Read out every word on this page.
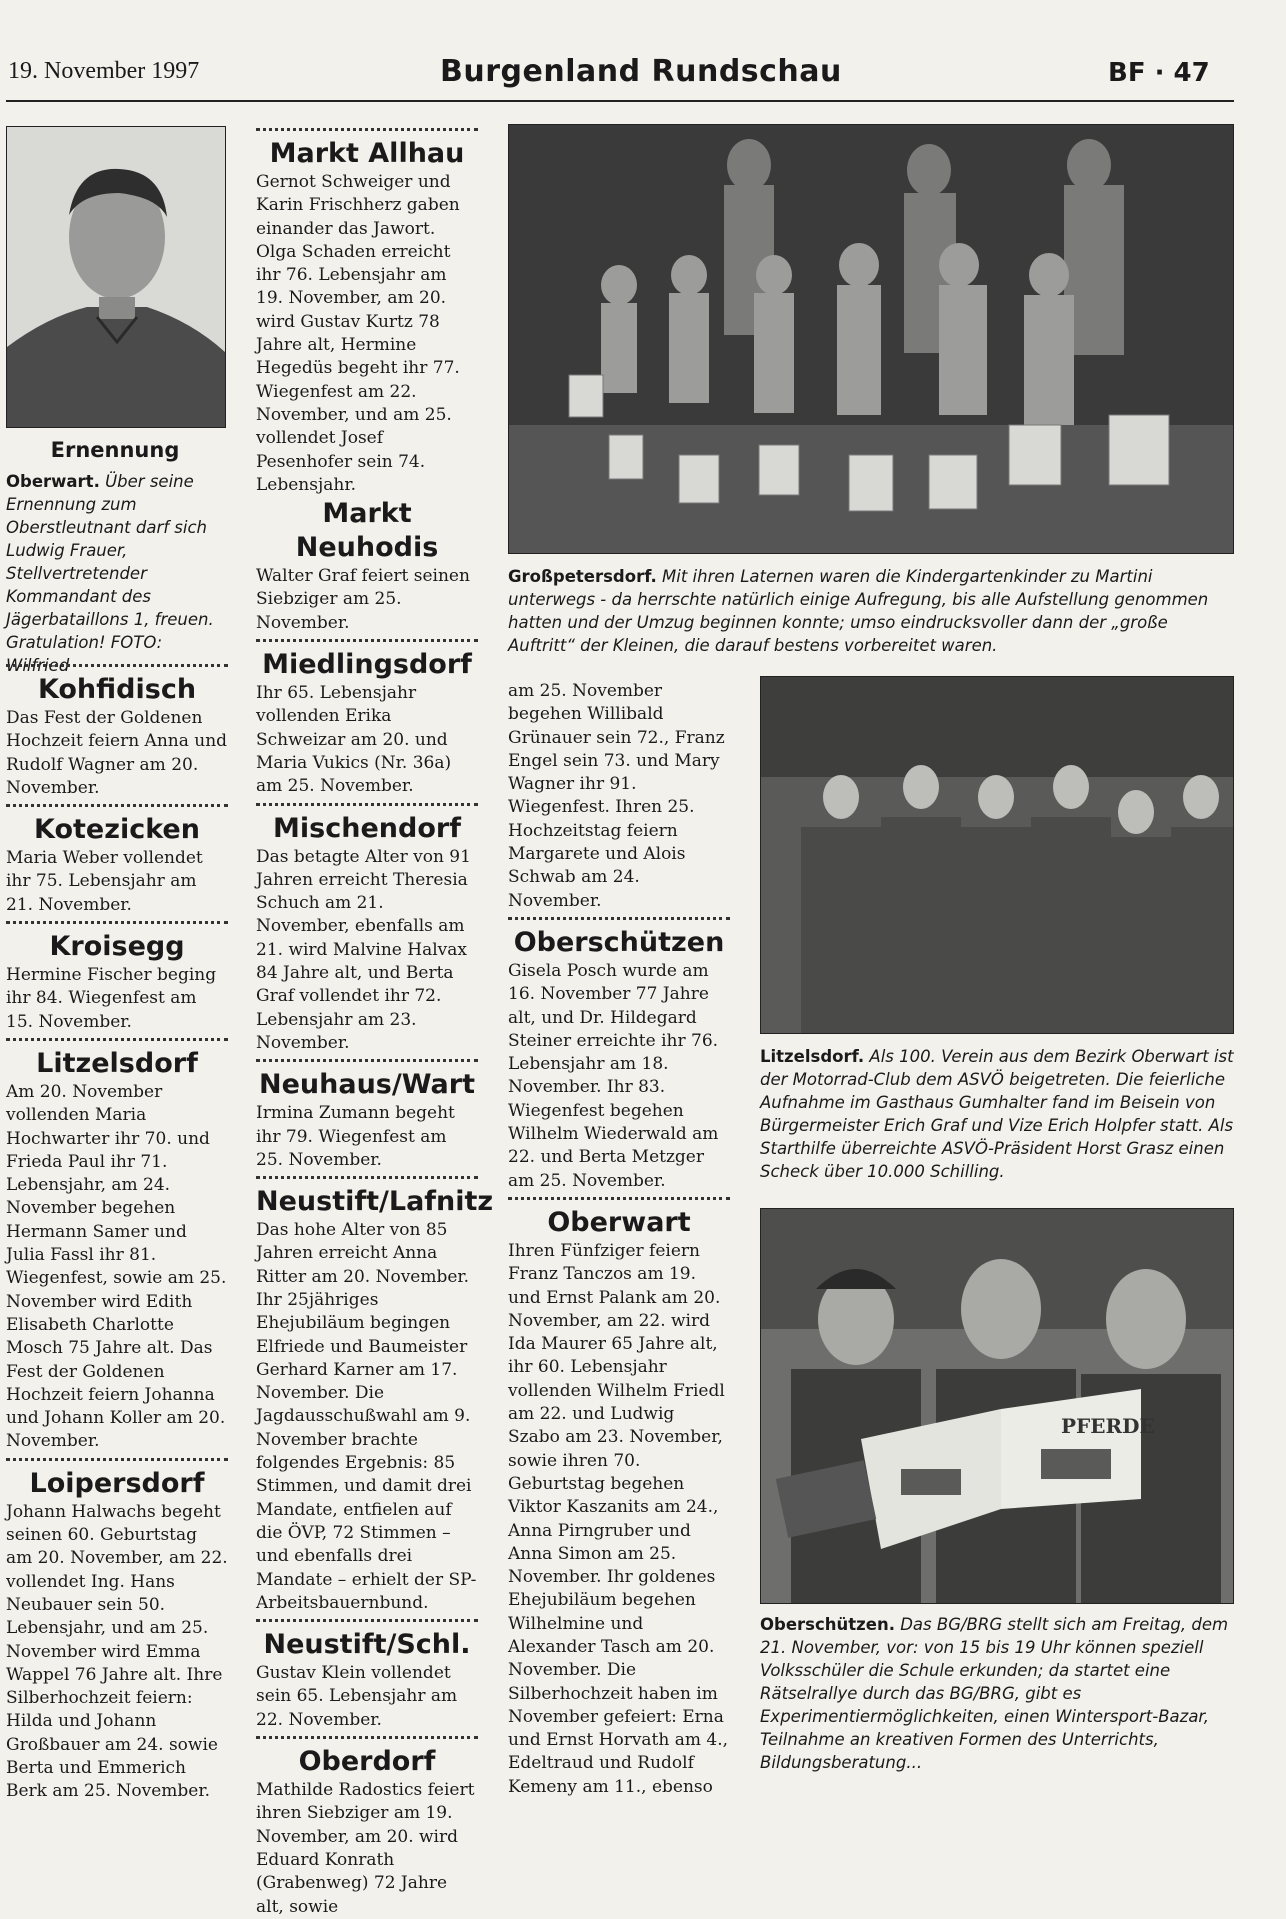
19. November 1997	Burgenland Rundschau	BF · 47
Ernennung
Oberwart. Über seine Ernennung zum Oberstleutnant darf sich Ludwig Frauer, Stellvertretender Kommandant des Jägerbataillons 1, freuen. Gratulation! FOTO: Wilfried
Kohfidisch

Das Fest der Goldenen Hochzeit feiern Anna und Rudolf Wagner am 20. November.

Kotezicken

Maria Weber vollendet ihr 75. Lebensjahr am 21. November.

Kroisegg

Hermine Fischer beging ihr 84. Wiegenfest am 15. November.

Litzelsdorf

Am 20. November vollenden Maria Hochwarter ihr 70. und Frieda Paul ihr 71. Lebensjahr, am 24. November begehen Hermann Samer und Julia Fassl ihr 81. Wiegenfest, sowie am 25. November wird Edith Elisabeth Charlotte Mosch 75 Jahre alt. Das Fest der Goldenen Hochzeit feiern Johanna und Johann Koller am 20. November.

Loipersdorf

Johann Halwachs begeht seinen 60. Geburtstag am 20. November, am 22. vollendet Ing. Hans Neubauer sein 50. Lebensjahr, und am 25. November wird Emma Wappel 76 Jahre alt. Ihre Silberhochzeit feiern: Hilda und Johann Großbauer am 24. sowie Berta und Emmerich Berk am 25. November.

Markt Allhau

Gernot Schweiger und Karin Frischherz gaben einander das Jawort. Olga Schaden erreicht ihr 76. Lebensjahr am 19. November, am 20. wird Gustav Kurtz 78 Jahre alt, Hermine Hegedüs begeht ihr 77. Wiegenfest am 22. November, und am 25. vollendet Josef Pesenhofer sein 74. Lebensjahr.

Markt Neuhodis

Walter Graf feiert seinen Siebziger am 25. November.

Miedlingsdorf

Ihr 65. Lebensjahr vollenden Erika Schweizar am 20. und Maria Vukics (Nr. 36a) am 25. November.

Mischendorf

Das betagte Alter von 91 Jahren erreicht Theresia Schuch am 21. November, ebenfalls am 21. wird Malvine Halvax 84 Jahre alt, und Berta Graf vollendet ihr 72. Lebensjahr am 23. November.

Neuhaus/Wart

Irmina Zumann begeht ihr 79. Wiegenfest am 25. November.

Neustift/Lafnitz

Das hohe Alter von 85 Jahren erreicht Anna Ritter am 20. November. Ihr 25jähriges Ehejubiläum begingen Elfriede und Baumeister Gerhard Karner am 17. November. Die Jagdausschußwahl am 9. November brachte folgendes Ergebnis: 85 Stimmen, und damit drei Mandate, entfielen auf die ÖVP, 72 Stimmen – und ebenfalls drei Mandate – erhielt der SP-Arbeitsbauernbund.

Neustift/Schl.

Gustav Klein vollendet sein 65. Lebensjahr am 22. November.

Oberdorf

Mathilde Radostics feiert ihren Siebziger am 19. November, am 20. wird Eduard Konrath (Grabenweg) 72 Jahre alt, sowie

Großpetersdorf. Mit ihren Laternen waren die Kindergartenkinder zu Martini unterwegs - da herrschte natürlich einige Aufregung, bis alle Aufstellung genommen hatten und der Umzug beginnen konnte; umso eindrucksvoller dann der „große Auftritt“ der Kleinen, die darauf bestens vorbereitet waren.

am 25. November begehen Willibald Grünauer sein 72., Franz Engel sein 73. und Mary Wagner ihr 91. Wiegenfest. Ihren 25. Hochzeitstag feiern Margarete und Alois Schwab am 24. November.

Oberschützen

Gisela Posch wurde am 16. November 77 Jahre alt, und Dr. Hildegard Steiner erreichte ihr 76. Lebensjahr am 18. November. Ihr 83. Wiegenfest begehen Wilhelm Wiederwald am 22. und Berta Metzger am 25. November.

Oberwart

Ihren Fünfziger feiern Franz Tanczos am 19. und Ernst Palank am 20. November, am 22. wird Ida Maurer 65 Jahre alt, ihr 60. Lebensjahr vollenden Wilhelm Friedl am 22. und Ludwig Szabo am 23. November, sowie ihren 70. Geburtstag begehen Viktor Kaszanits am 24., Anna Pirngruber und Anna Simon am 25. November. Ihr goldenes Ehejubiläum begehen Wilhelmine und Alexander Tasch am 20. November. Die Silberhochzeit haben im November gefeiert: Erna und Ernst Horvath am 4., Edeltraud und Rudolf Kemeny am 11., ebenso

Litzelsdorf. Als 100. Verein aus dem Bezirk Oberwart ist der Motorrad-Club dem ASVÖ beigetreten. Die feierliche Aufnahme im Gasthaus Gumhalter fand im Beisein von Bürgermeister Erich Graf und Vize Erich Holpfer statt. Als Starthilfe überreichte ASVÖ-Präsident Horst Grasz einen Scheck über 10.000 Schilling.
PFERDE
Oberschützen. Das BG/BRG stellt sich am Freitag, dem 21. November, vor: von 15 bis 19 Uhr können speziell Volksschüler die Schule erkunden; da startet eine Rätselrallye durch das BG/BRG, gibt es Experimentiermöglichkeiten, einen Wintersport-Bazar, Teilnahme an kreativen Formen des Unterrichts, Bildungsberatung...
